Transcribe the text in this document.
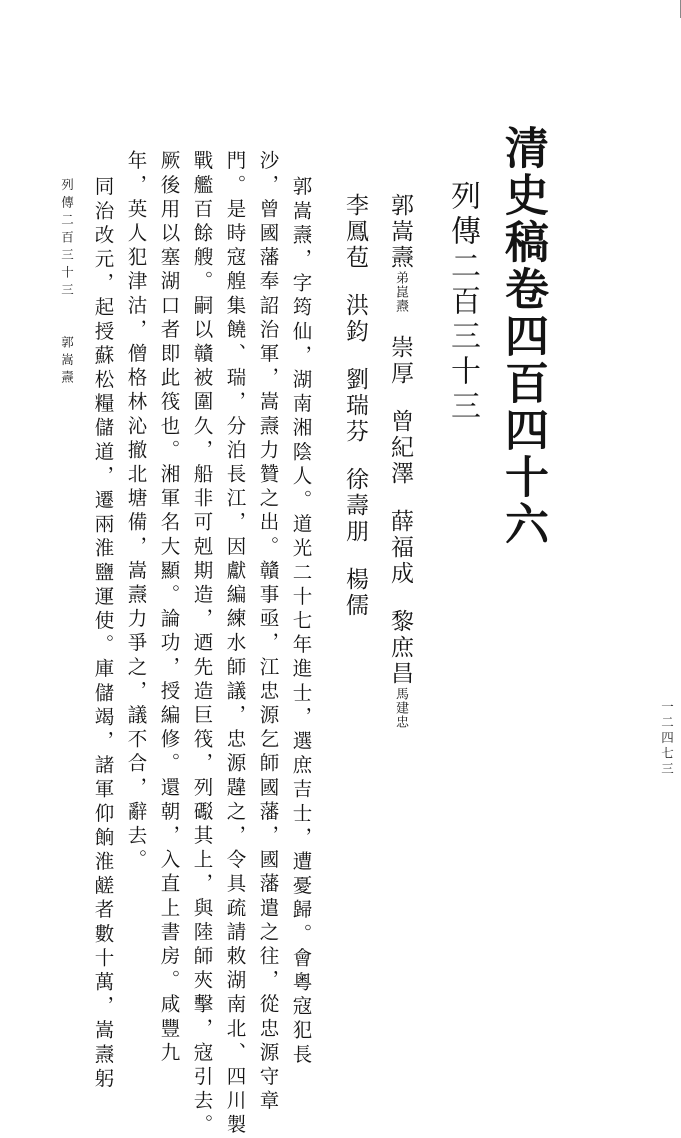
清史稿卷四百四十六
列傳二百三十三
郭嵩燾弟崑燾崇厚曾紀澤薛福成黎庶昌馬建忠
李鳳苞洪鈞劉瑞芬徐壽朋楊儒
郭嵩燾，字筠仙，湖南湘陰人。道光二十七年進士，選庶吉士，遭憂歸。會粵寇犯長
沙，曾國藩奉詔治軍，嵩燾力贊之出。贛事亟，江忠源乞師國藩，國藩遣之往，從忠源守章
門。是時寇艎集饒、瑞，分泊長江，因獻編練水師議，忠源韙之，令具疏請敕湖南北、四川製
戰艦百餘艘。嗣以贛被圍久，船非可剋期造，迺先造巨筏，列礟其上，與陸師夾擊，寇引去。
厥後用以塞湖口者即此筏也。湘軍名大顯。論功，授編修。還朝，入直上書房。咸豐九
年，英人犯津沽，僧格林沁撤北塘備，嵩燾力爭之，議不合，辭去。
同治改元，起授蘇松糧儲道，遷兩淮鹽運使。庫儲竭，諸軍仰餉淮鹾者數十萬，嵩燾躬
列傳二百三十三　　郭嵩燾
一二四七三
